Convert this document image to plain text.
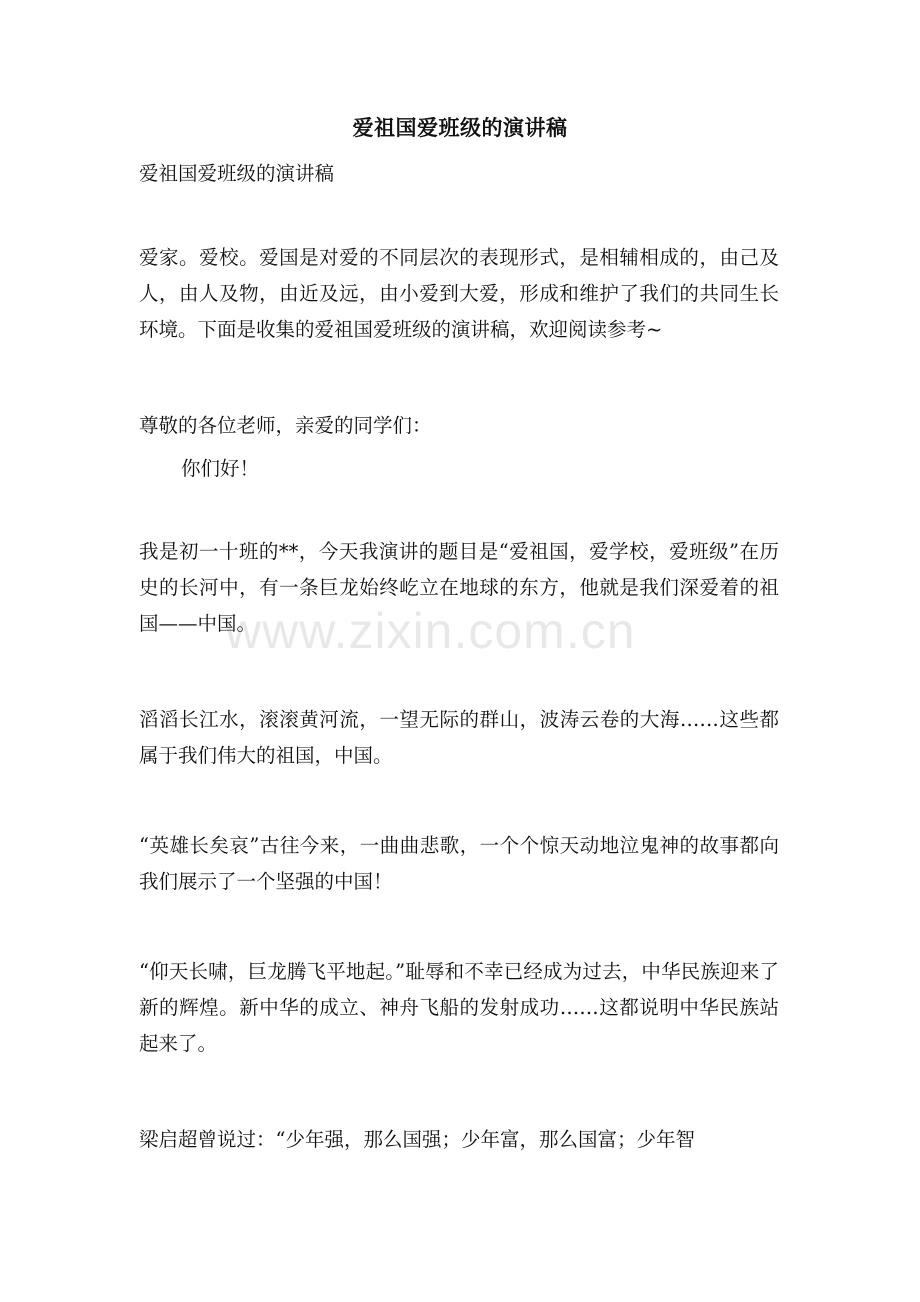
爱祖国爱班级的演讲稿
爱祖国爱班级的演讲稿
爱家。爱校。爱国是对爱的不同层次的表现形式，是相辅相成的，由己及人，由人及物，由近及远，由小爱到大爱，形成和维护了我们的共同生长环境。下面是收集的爱祖国爱班级的演讲稿，欢迎阅读参考~
尊敬的各位老师，亲爱的同学们：
你们好！
我是初一十班的**，今天我演讲的题目是“爱祖国，爱学校，爱班级”在历史的长河中，有一条巨龙始终屹立在地球的东方，他就是我们深爱着的祖国——中国。
滔滔长江水，滚滚黄河流，一望无际的群山，波涛云卷的大海……这些都属于我们伟大的祖国，中国。
“英雄长矣哀”古往今来，一曲曲悲歌，一个个惊天动地泣鬼神的故事都向我们展示了一个坚强的中国！
“仰天长啸，巨龙腾飞平地起。”耻辱和不幸已经成为过去，中华民族迎来了新的辉煌。新中华的成立、神舟飞船的发射成功……这都说明中华民族站起来了。
梁启超曾说过：“少年强，那么国强；少年富，那么国富；少年智
www.zixin.com.cn
